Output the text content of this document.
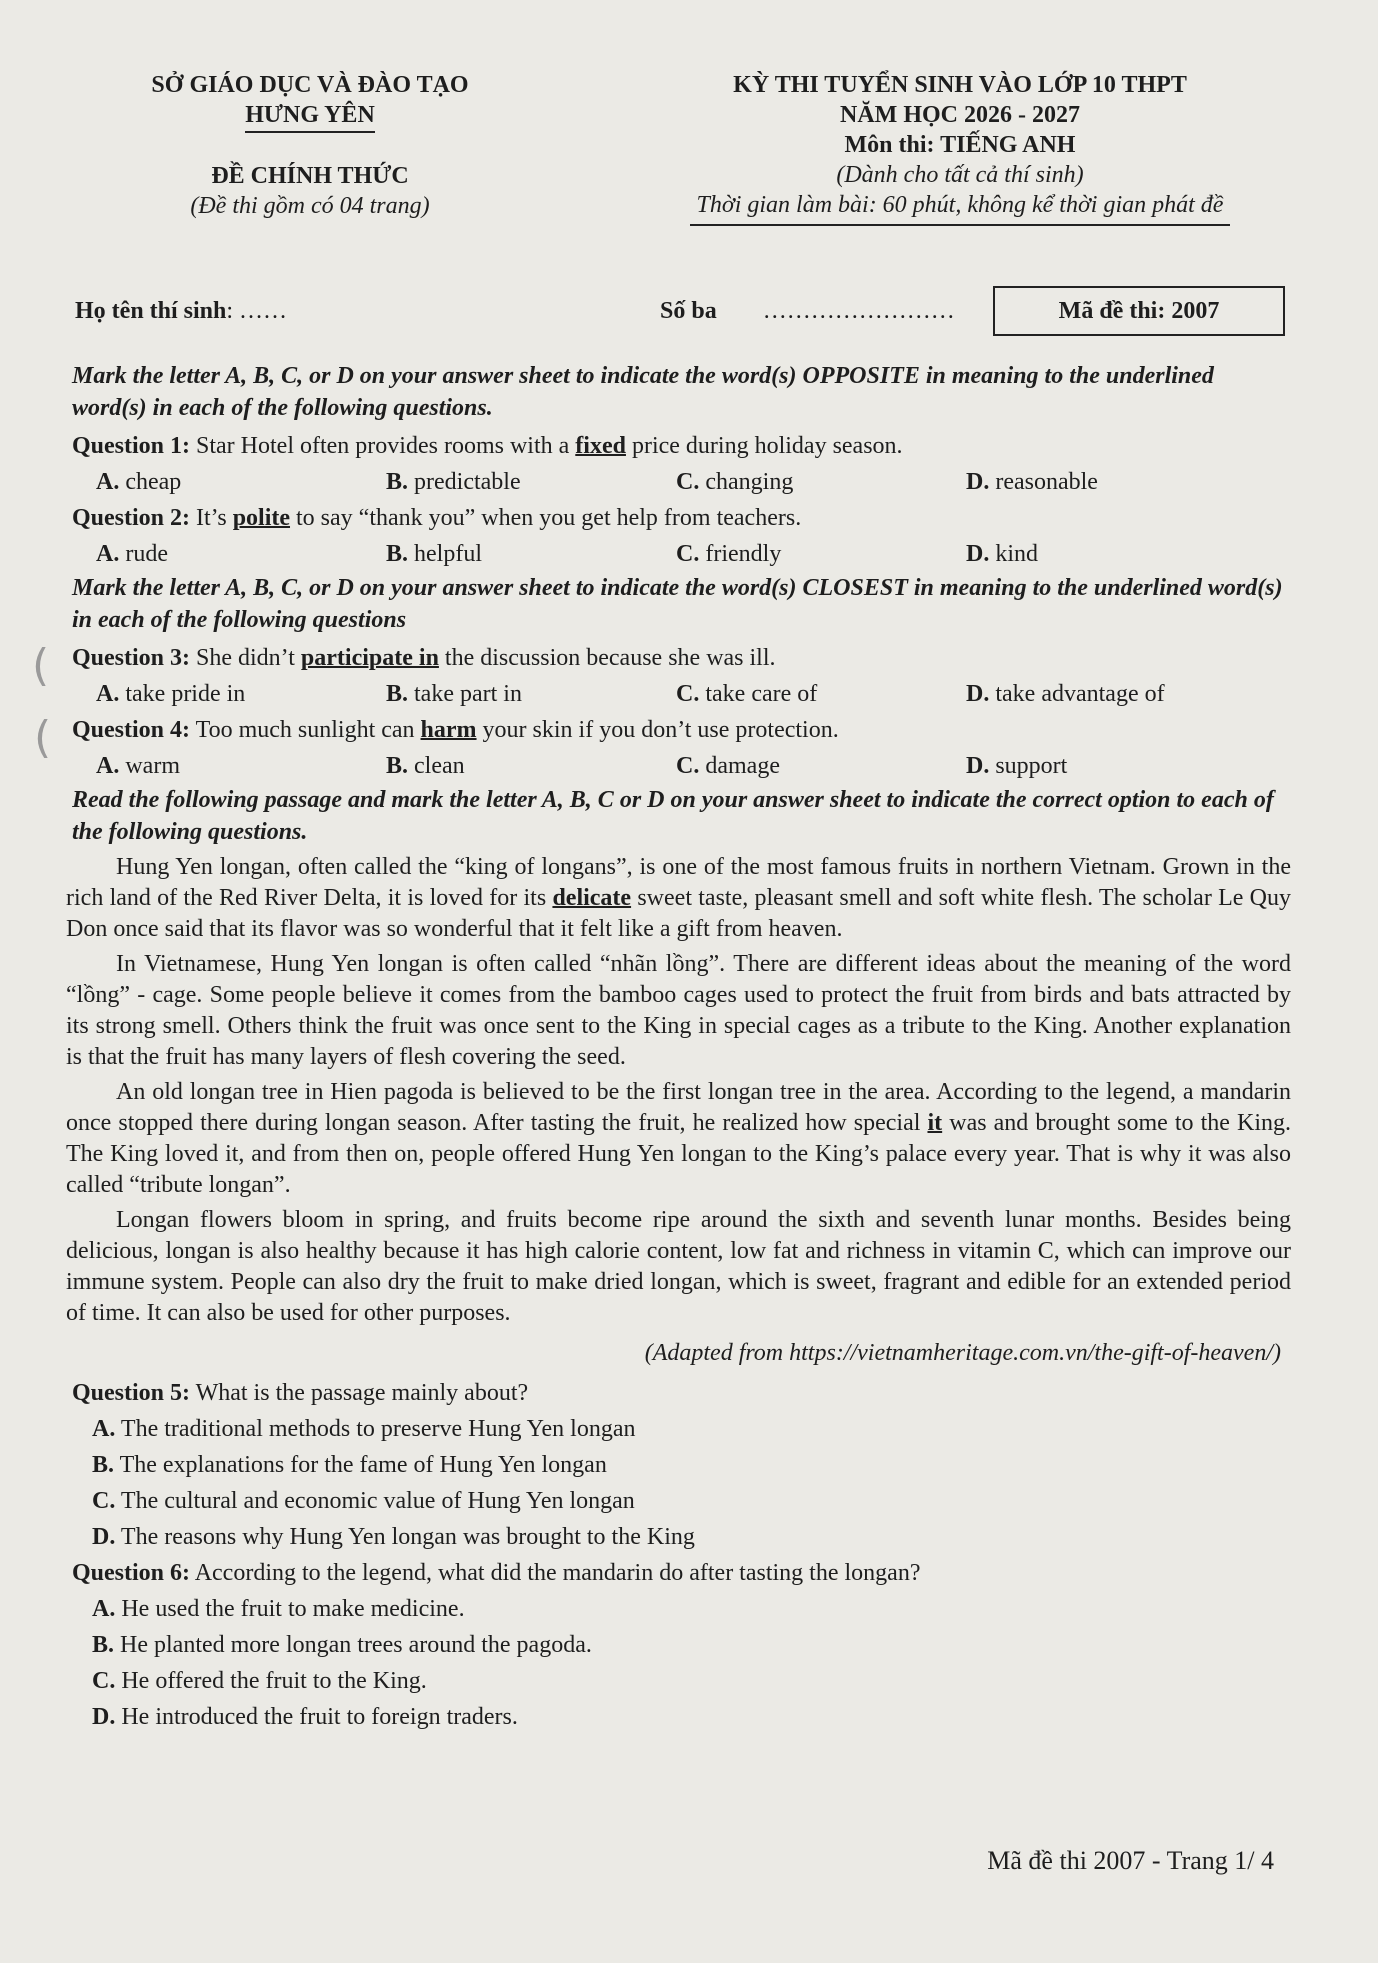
SỞ GIÁO DỤC VÀ ĐÀO TẠO
HƯNG YÊN
ĐỀ CHÍNH THỨC
(Đề thi gồm có 04 trang)
KỲ THI TUYỂN SINH VÀO LỚP 10 THPT
NĂM HỌC 2026 - 2027
Môn thi: TIẾNG ANH
(Dành cho tất cả thí sinh)
Thời gian làm bài: 60 phút, không kể thời gian phát đề
Họ tên thí sinh: ……	Số ba ……………………	Mã đề thi: 2007
Mark the letter A, B, C, or D on your answer sheet to indicate the word(s) OPPOSITE in meaning to the underlined word(s) in each of the following questions.
Question 1: Star Hotel often provides rooms with a fixed price during holiday season.
A. cheap	B. predictable	C. changing	D. reasonable
Question 2: It’s polite to say “thank you” when you get help from teachers.
A. rude	B. helpful	C. friendly	D. kind
Mark the letter A, B, C, or D on your answer sheet to indicate the word(s) CLOSEST in meaning to the underlined word(s) in each of the following questions
Question 3: She didn’t participate in the discussion because she was ill.
A. take pride in	B. take part in	C. take care of	D. take advantage of
Question 4: Too much sunlight can harm your skin if you don’t use protection.
A. warm	B. clean	C. damage	D. support
Read the following passage and mark the letter A, B, C or D on your answer sheet to indicate the correct option to each of the following questions.

Hung Yen longan, often called the “king of longans”, is one of the most famous fruits in northern Vietnam. Grown in the rich land of the Red River Delta, it is loved for its delicate sweet taste, pleasant smell and soft white flesh. The scholar Le Quy Don once said that its flavor was so wonderful that it felt like a gift from heaven.

In Vietnamese, Hung Yen longan is often called “nhãn lồng”. There are different ideas about the meaning of the word “lồng” - cage. Some people believe it comes from the bamboo cages used to protect the fruit from birds and bats attracted by its strong smell. Others think the fruit was once sent to the King in special cages as a tribute to the King. Another explanation is that the fruit has many layers of flesh covering the seed.

An old longan tree in Hien pagoda is believed to be the first longan tree in the area. According to the legend, a mandarin once stopped there during longan season. After tasting the fruit, he realized how special it was and brought some to the King. The King loved it, and from then on, people offered Hung Yen longan to the King’s palace every year. That is why it was also called “tribute longan”.

Longan flowers bloom in spring, and fruits become ripe around the sixth and seventh lunar months. Besides being delicious, longan is also healthy because it has high calorie content, low fat and richness in vitamin C, which can improve our immune system. People can also dry the fruit to make dried longan, which is sweet, fragrant and edible for an extended period of time. It can also be used for other purposes.

(Adapted from https://vietnamheritage.com.vn/the-gift-of-heaven/)
Question 5: What is the passage mainly about?
A. The traditional methods to preserve Hung Yen longan
B. The explanations for the fame of Hung Yen longan
C. The cultural and economic value of Hung Yen longan
D. The reasons why Hung Yen longan was brought to the King
Question 6: According to the legend, what did the mandarin do after tasting the longan?
A. He used the fruit to make medicine.
B. He planted more longan trees around the pagoda.
C. He offered the fruit to the King.
D. He introduced the fruit to foreign traders.
(
(
Mã đề thi 2007 - Trang 1/ 4
